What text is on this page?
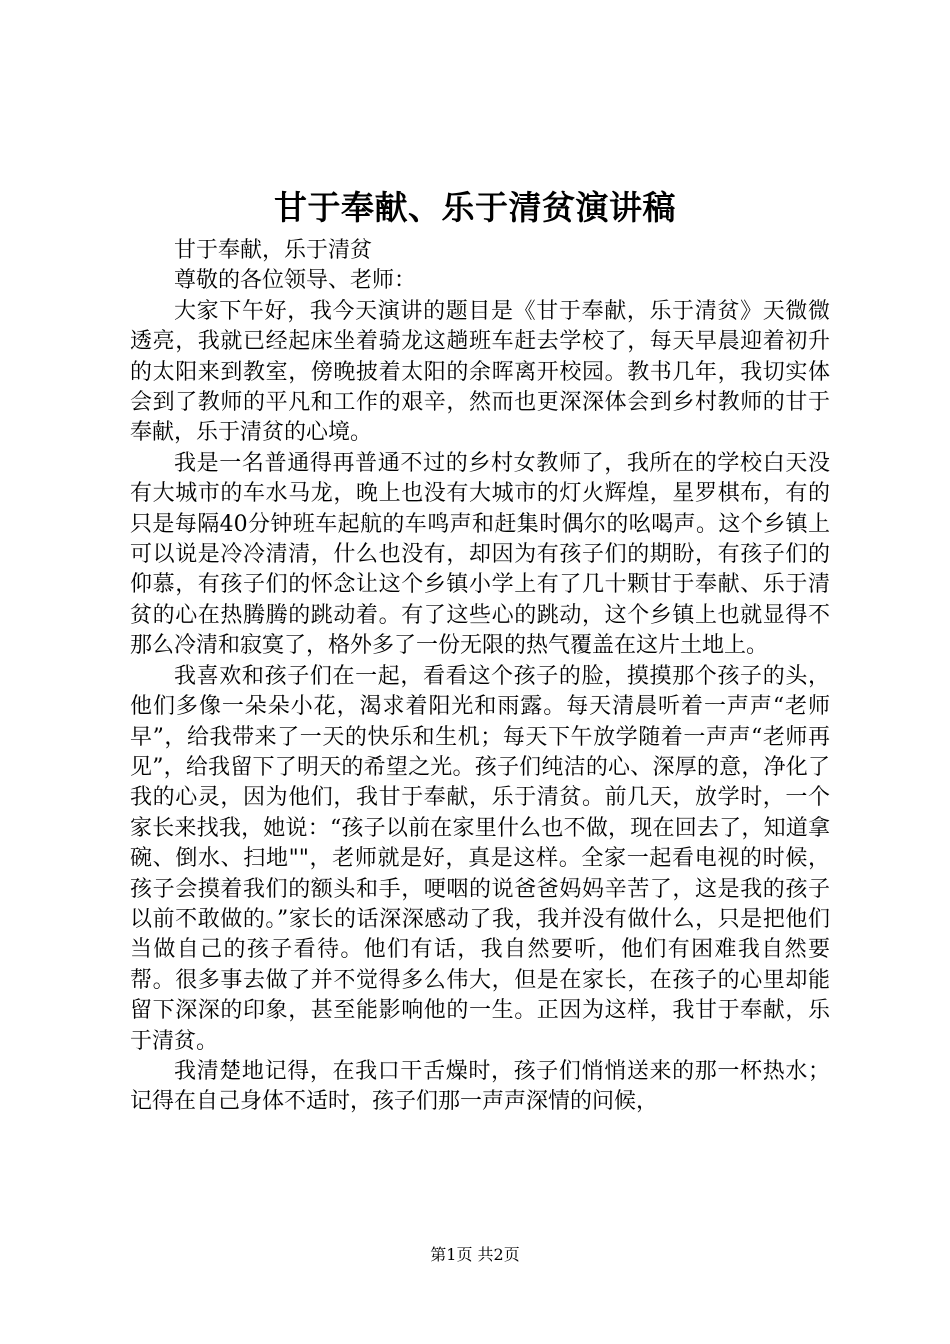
甘于奉献、乐于清贫演讲稿

甘于奉献，乐于清贫

尊敬的各位领导、老师：

大家下午好，我今天演讲的题目是《甘于奉献，乐于清贫》天微微透亮，我就已经起床坐着骑龙这趟班车赶去学校了，每天早晨迎着初升的太阳来到教室，傍晚披着太阳的余晖离开校园。教书几年，我切实体会到了教师的平凡和工作的艰辛，然而也更深深体会到乡村教师的甘于奉献，乐于清贫的心境。

我是一名普通得再普通不过的乡村女教师了，我所在的学校白天没有大城市的车水马龙，晚上也没有大城市的灯火辉煌，星罗棋布，有的只是每隔40分钟班车起航的车鸣声和赶集时偶尔的吆喝声。这个乡镇上可以说是冷冷清清，什么也没有，却因为有孩子们的期盼，有孩子们的仰慕，有孩子们的怀念让这个乡镇小学上有了几十颗甘于奉献、乐于清贫的心在热腾腾的跳动着。有了这些心的跳动，这个乡镇上也就显得不那么冷清和寂寞了，格外多了一份无限的热气覆盖在这片土地上。

我喜欢和孩子们在一起，看看这个孩子的脸，摸摸那个孩子的头，他们多像一朵朵小花，渴求着阳光和雨露。每天清晨听着一声声“老师早”，给我带来了一天的快乐和生机；每天下午放学随着一声声“老师再见”，给我留下了明天的希望之光。孩子们纯洁的心、深厚的意，净化了我的心灵，因为他们，我甘于奉献，乐于清贫。前几天，放学时，一个家长来找我，她说：“孩子以前在家里什么也不做，现在回去了，知道拿碗、倒水、扫地""，老师就是好，真是这样。全家一起看电视的时候，孩子会摸着我们的额头和手，哽咽的说爸爸妈妈辛苦了，这是我的孩子以前不敢做的。”家长的话深深感动了我，我并没有做什么，只是把他们当做自己的孩子看待。他们有话，我自然要听，他们有困难我自然要帮。很多事去做了并不觉得多么伟大，但是在家长，在孩子的心里却能留下深深的印象，甚至能影响他的一生。正因为这样，我甘于奉献，乐于清贫。

我清楚地记得，在我口干舌燥时，孩子们悄悄送来的那一杯热水；记得在自己身体不适时，孩子们那一声声深情的问候，

第1页 共2页
